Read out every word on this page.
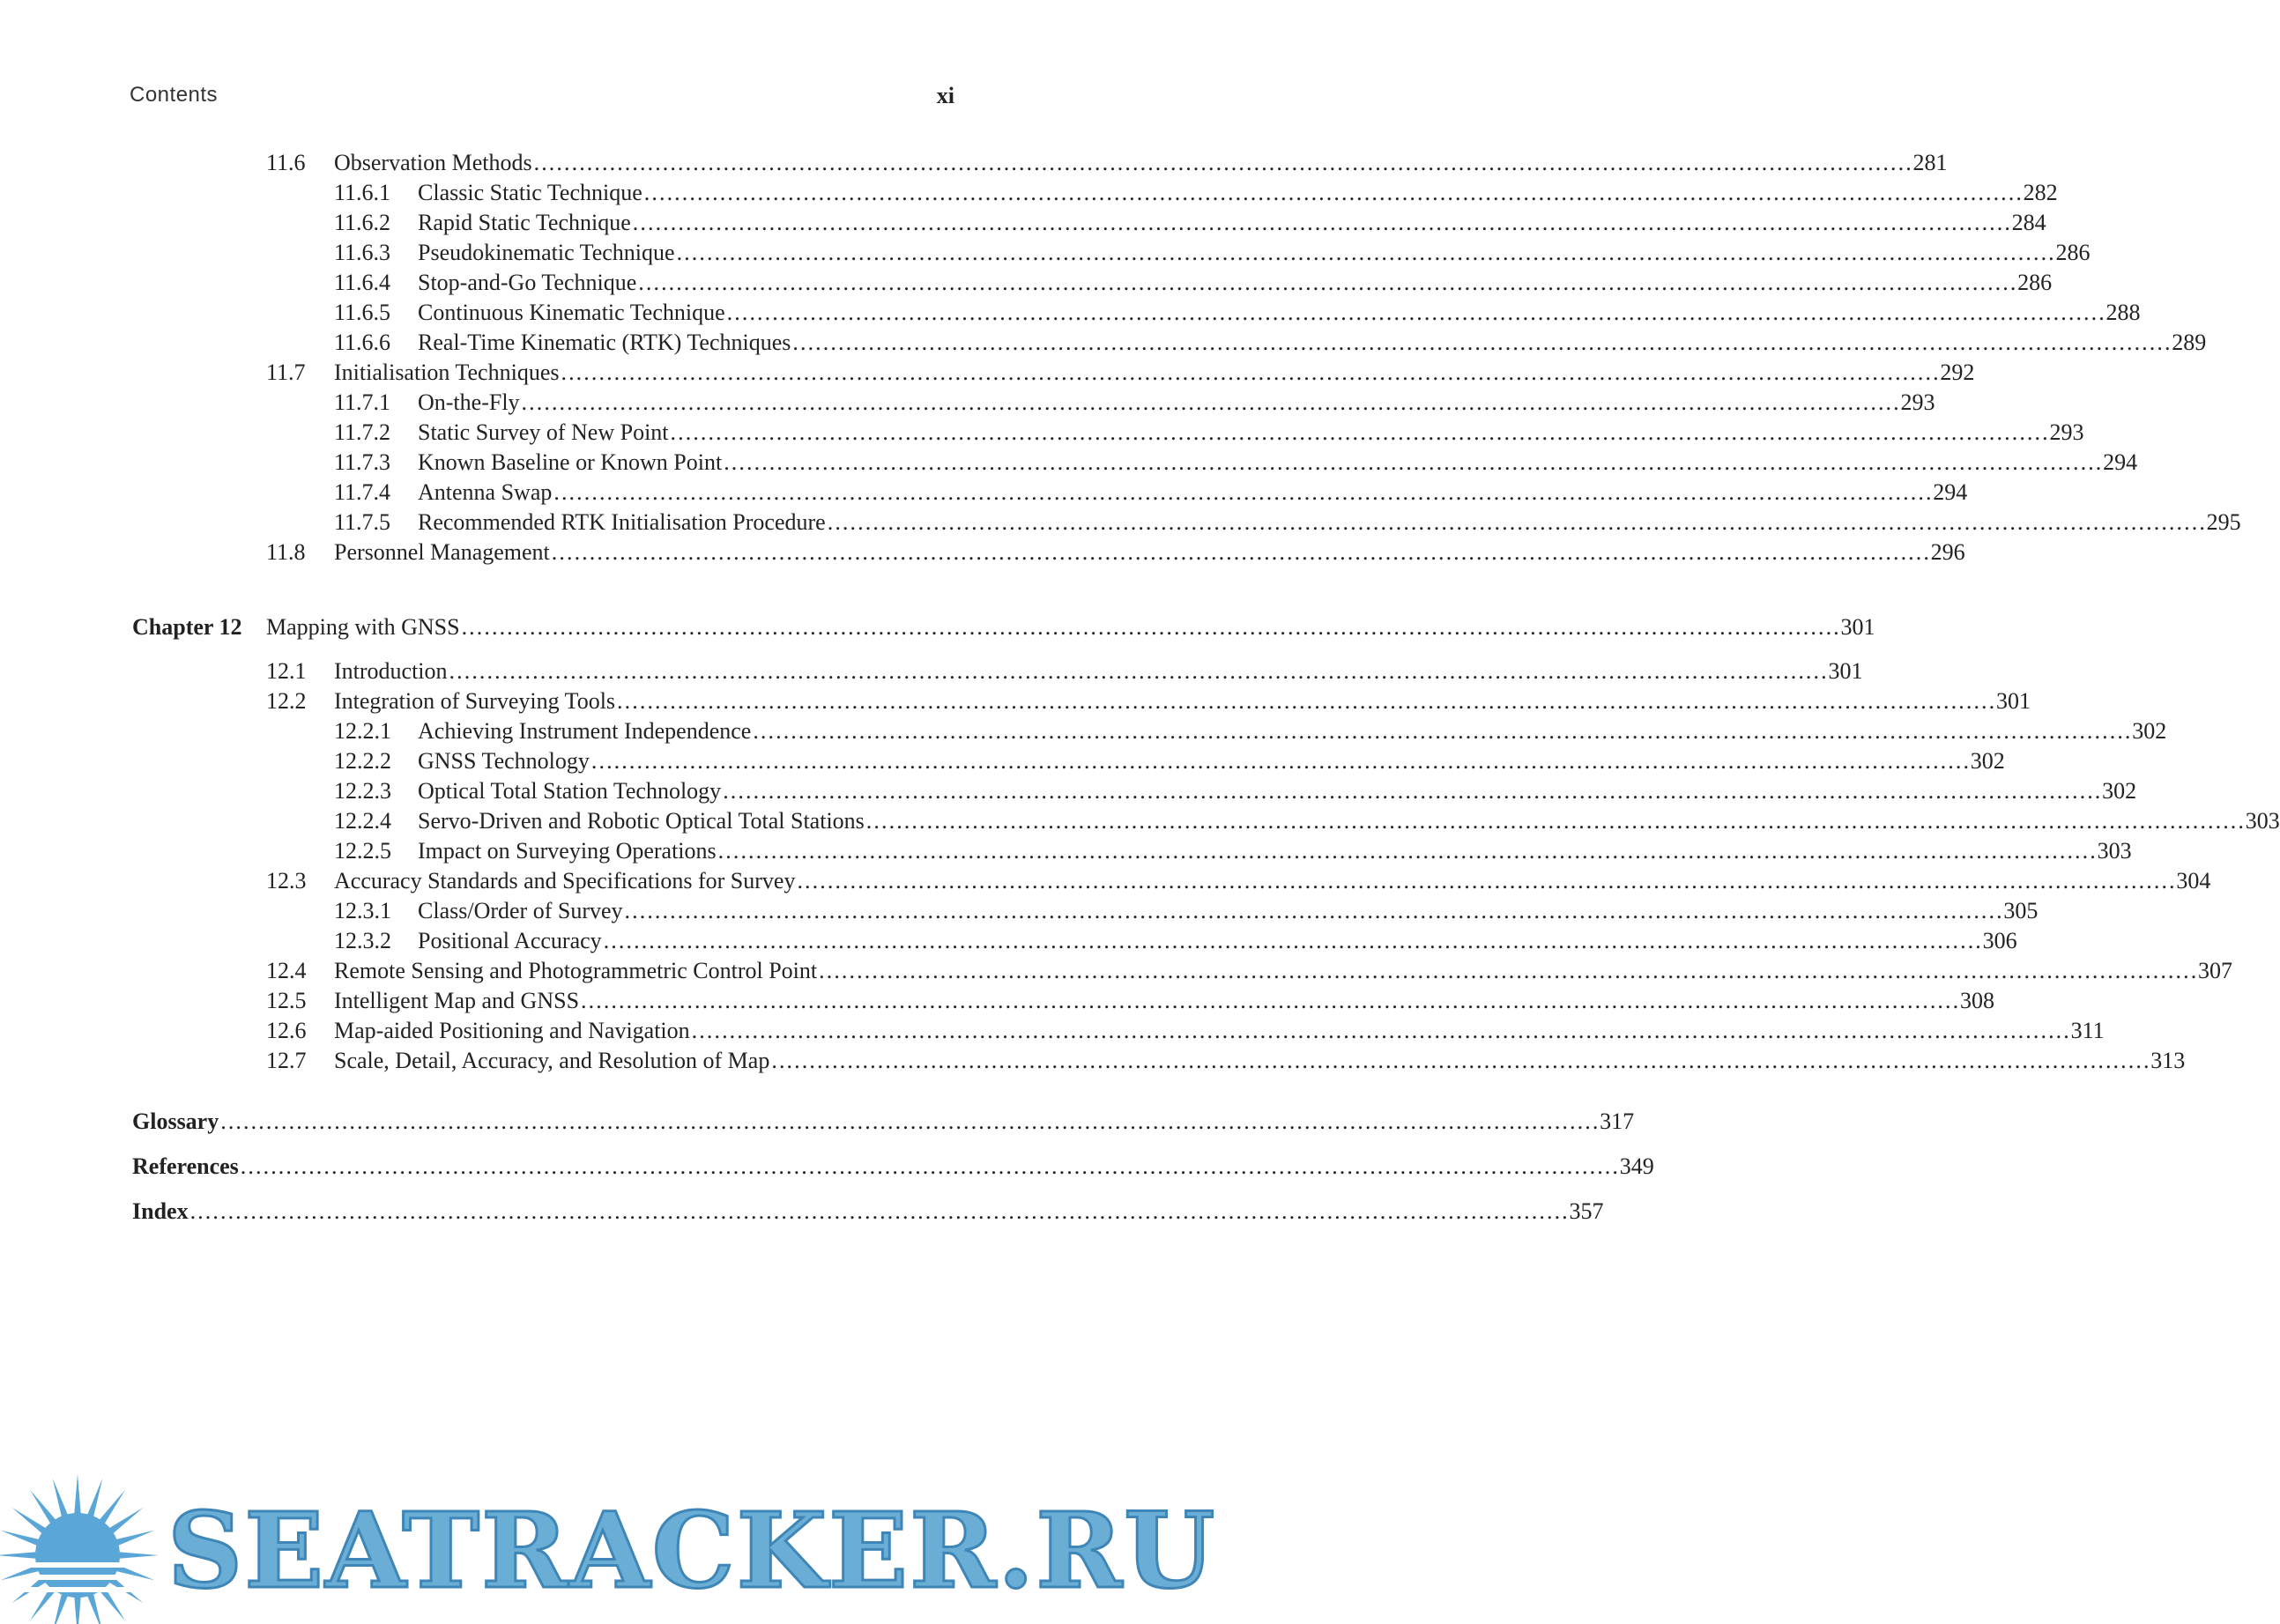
Contents	xi
11.6 Observation Methods . . .	281
11.6.1 Classic Static Technique . . .	282
11.6.2 Rapid Static Technique . . .	284
11.6.3 Pseudokinematic Technique . . .	286
11.6.4 Stop-and-Go Technique . . .	286
11.6.5 Continuous Kinematic Technique . . .	288
11.6.6 Real-Time Kinematic (RTK) Techniques . . .	289
11.7 Initialisation Techniques . . .	292
11.7.1 On-the-Fly . . .	293
11.7.2 Static Survey of New Point . . .	293
11.7.3 Known Baseline or Known Point . . .	294
11.7.4 Antenna Swap . . .	294
11.7.5 Recommended RTK Initialisation Procedure . . .	295
11.8 Personnel Management . . .	296
Chapter 12 Mapping with GNSS . . .	301
12.1 Introduction . . .	301
12.2 Integration of Surveying Tools . . .	301
12.2.1 Achieving Instrument Independence . . .	302
12.2.2 GNSS Technology . . .	302
12.2.3 Optical Total Station Technology . . .	302
12.2.4 Servo-Driven and Robotic Optical Total Stations . . .	303
12.2.5 Impact on Surveying Operations . . .	303
12.3 Accuracy Standards and Specifications for Survey . . .	304
12.3.1 Class/Order of Survey . . .	305
12.3.2 Positional Accuracy . . .	306
12.4 Remote Sensing and Photogrammetric Control Point . . .	307
12.5 Intelligent Map and GNSS . . .	308
12.6 Map-aided Positioning and Navigation . . .	311
12.7 Scale, Detail, Accuracy, and Resolution of Map . . .	313
Glossary . . .	317
References . . .	349
Index . . .	357
SEATRACKER.RU
